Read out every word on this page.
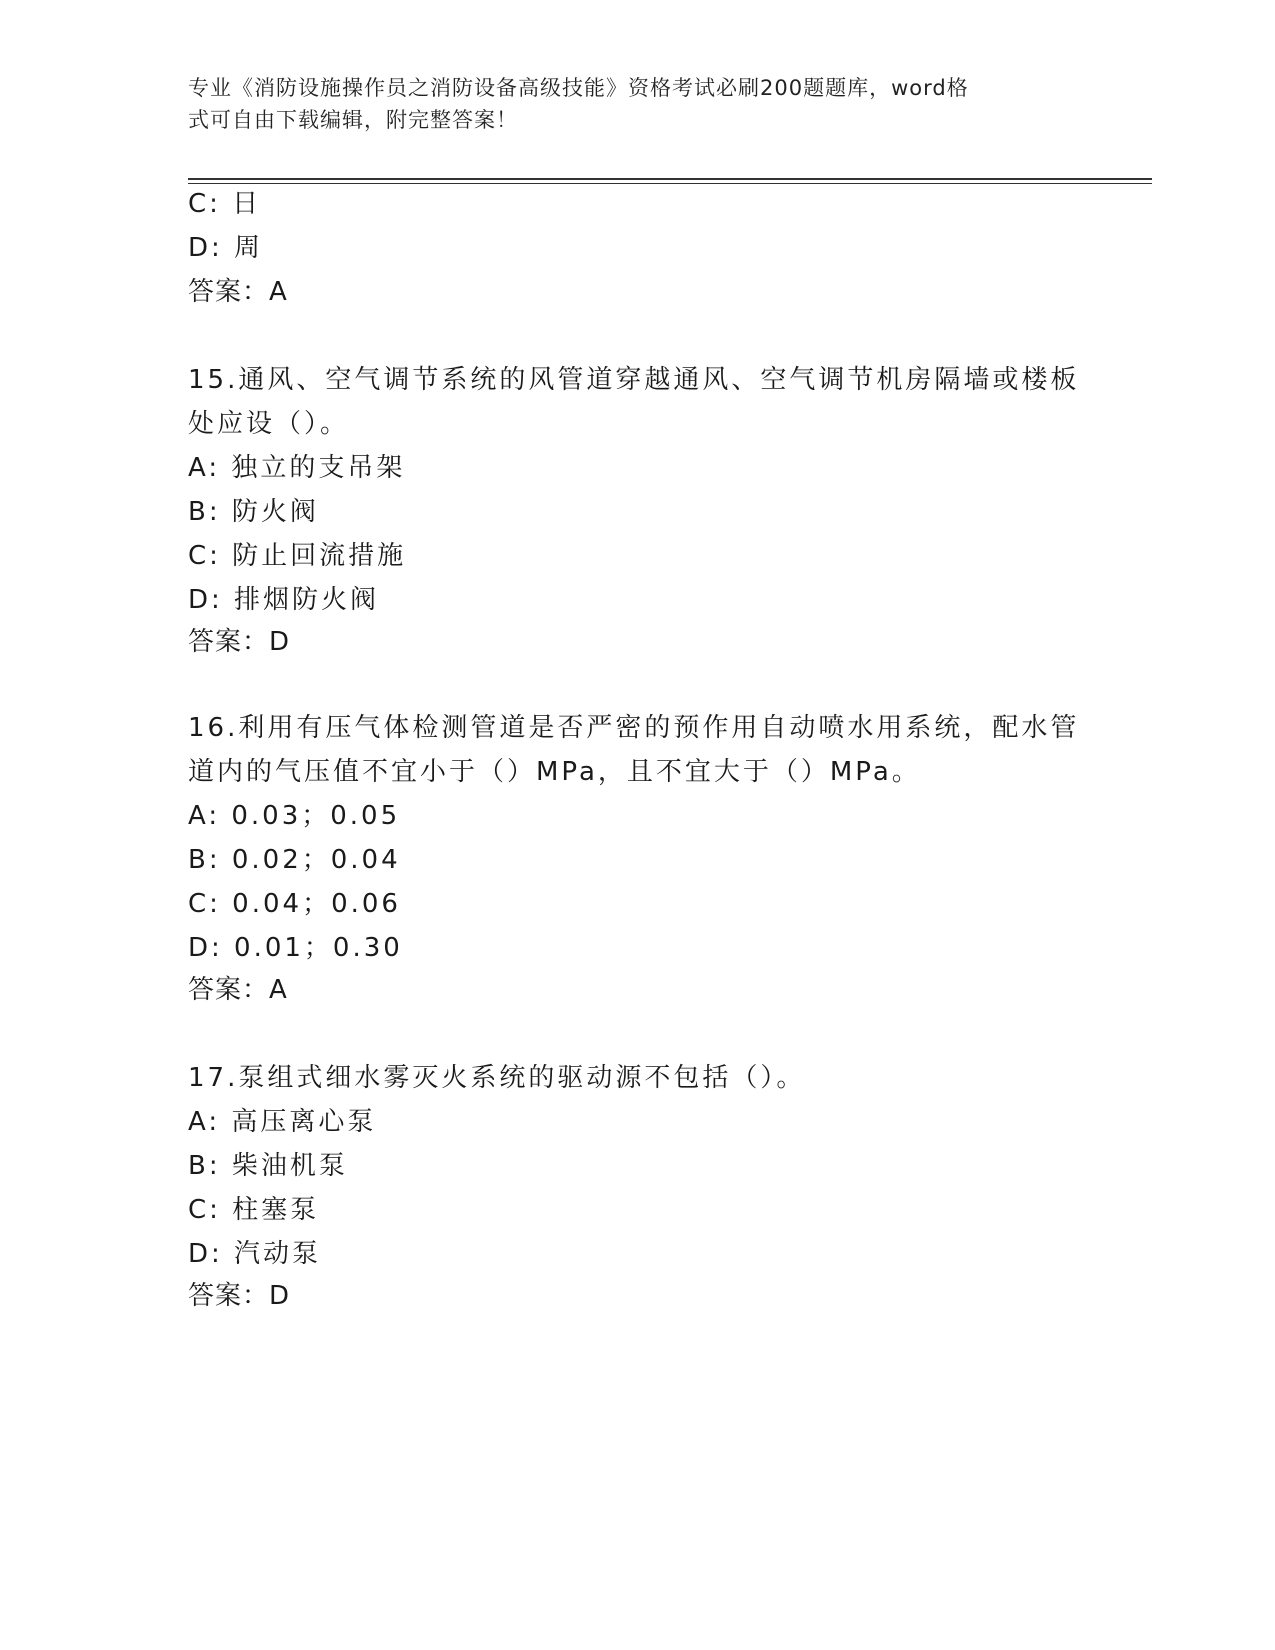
专业《消防设施操作员之消防设备高级技能》资格考试必刷200题题库，word格
式可自由下载编辑，附完整答案！
C: 日
D: 周
答案：A
15.通风、空气调节系统的风管道穿越通风、空气调节机房隔墙或楼板
处应设（）。
A: 独立的支吊架
B: 防火阀
C: 防止回流措施
D: 排烟防火阀
答案：D
16.利用有压气体检测管道是否严密的预作用自动喷水用系统，配水管
道内的气压值不宜小于（）MPa，且不宜大于（）MPa。
A: 0.03；0.05
B: 0.02；0.04
C: 0.04；0.06
D: 0.01；0.30
答案：A
17.泵组式细水雾灭火系统的驱动源不包括（）。
A: 高压离心泵
B: 柴油机泵
C: 柱塞泵
D: 汽动泵
答案：D
